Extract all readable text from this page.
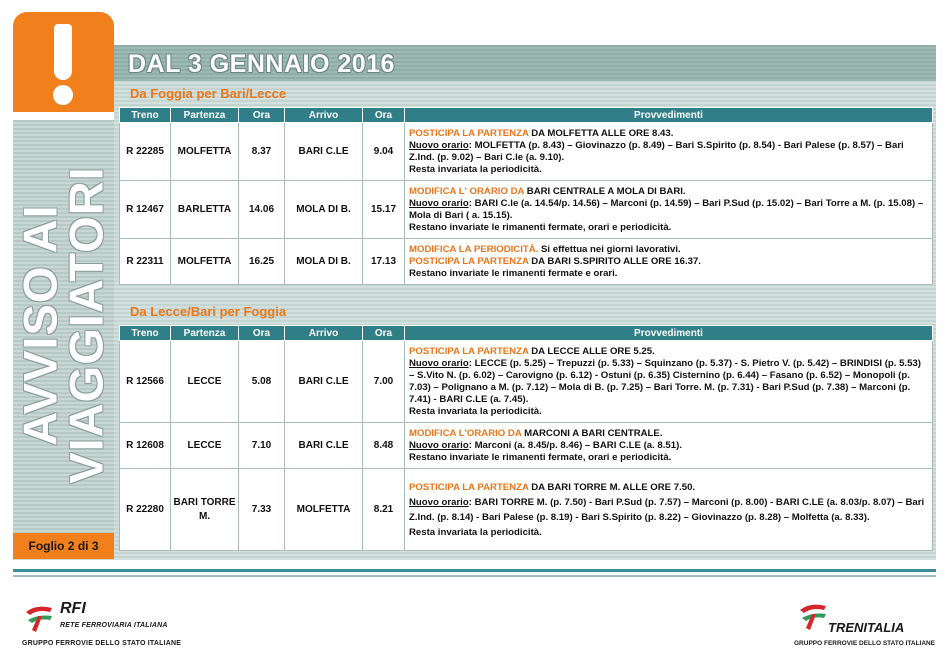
AVVISO AI
VIAGGIATORI
Foglio 2 di 3
DAL 3 GENNAIO 2016
Da Foggia per Bari/Lecce
Treno	Partenza	Ora	Arrivo	Ora	Provvedimenti
R 22285	MOLFETTA	8.37	BARI C.LE	9.04	POSTICIPA LA PARTENZA DA MOLFETTA ALLE ORE 8.43.
Nuovo orario: MOLFETTA (p. 8.43) – Giovinazzo (p. 8.49) – Bari S.Spirito (p. 8.54) - Bari Palese (p. 8.57) – Bari Z.Ind. (p. 9.02) – Bari C.le (a. 9.10).
Resta invariata la periodicità.

R 12467	BARLETTA	14.06	MOLA DI B.	15.17	MODIFICA L' ORARIO DA BARI CENTRALE A MOLA DI BARI.
Nuovo orario: BARI C.le (a. 14.54/p. 14.56) – Marconi (p. 14.59) – Bari P.Sud (p. 15.02) – Bari Torre a M. (p. 15.08) – Mola di Bari ( a. 15.15).
Restano invariate le rimanenti fermate, orari e periodicità.

R 22311	MOLFETTA	16.25	MOLA DI B.	17.13	MODIFICA LA PERIODICITÀ. Si effettua nei giorni lavorativi.
POSTICIPA LA PARTENZA DA BARI S.SPIRITO ALLE ORE 16.37.
Restano invariate le rimanenti fermate e orari.
Da Lecce/Bari per Foggia
Treno	Partenza	Ora	Arrivo	Ora	Provvedimenti
R 12566	LECCE	5.08	BARI C.LE	7.00	POSTICIPA LA PARTENZA DA LECCE ALLE ORE 5.25.
Nuovo orario: LECCE (p. 5.25) – Trepuzzi (p. 5.33) – Squinzano (p. 5.37) - S. Pietro V. (p. 5.42) – BRINDISI (p. 5.53) – S.Vito N. (p. 6.02) – Carovigno (p. 6.12) - Ostuni (p. 6.35) Cisternino (p. 6.44) – Fasano (p. 6.52) – Monopoli (p. 7.03) – Polignano a M. (p. 7.12) – Mola di B. (p. 7.25) – Bari Torre. M. (p. 7.31) - Bari P.Sud (p. 7.38) – Marconi (p. 7.41) - BARI C.LE (a. 7.45).
Resta invariata la periodicità.

R 12608	LECCE	7.10	BARI C.LE	8.48	MODIFICA L'ORARIO DA MARCONI A BARI CENTRALE.
Nuovo orario: Marconi (a. 8.45/p. 8.46) – BARI C.LE (a. 8.51).
Restano invariate le rimanenti fermate, orari e periodicità.

R 22280	BARI TORRE M.	7.33	MOLFETTA	8.21	POSTICIPA LA PARTENZA DA BARI TORRE M. ALLE ORE 7.50.
Nuovo orario: BARI TORRE M. (p. 7.50) - Bari P.Sud (p. 7.57) – Marconi (p. 8.00) - BARI C.LE (a. 8.03/p. 8.07) – Bari Z.Ind. (p. 8.14) - Bari Palese (p. 8.19) - Bari S.Spirito (p. 8.22) – Giovinazzo (p. 8.28) – Molfetta (a. 8.33).
Resta invariata la periodicità.
RFI
RETE FERROVIARIA ITALIANA
GRUPPO FERROVIE DELLO STATO ITALIANE
TRENITALIA
GRUPPO FERROVIE DELLO STATO ITALIANE
